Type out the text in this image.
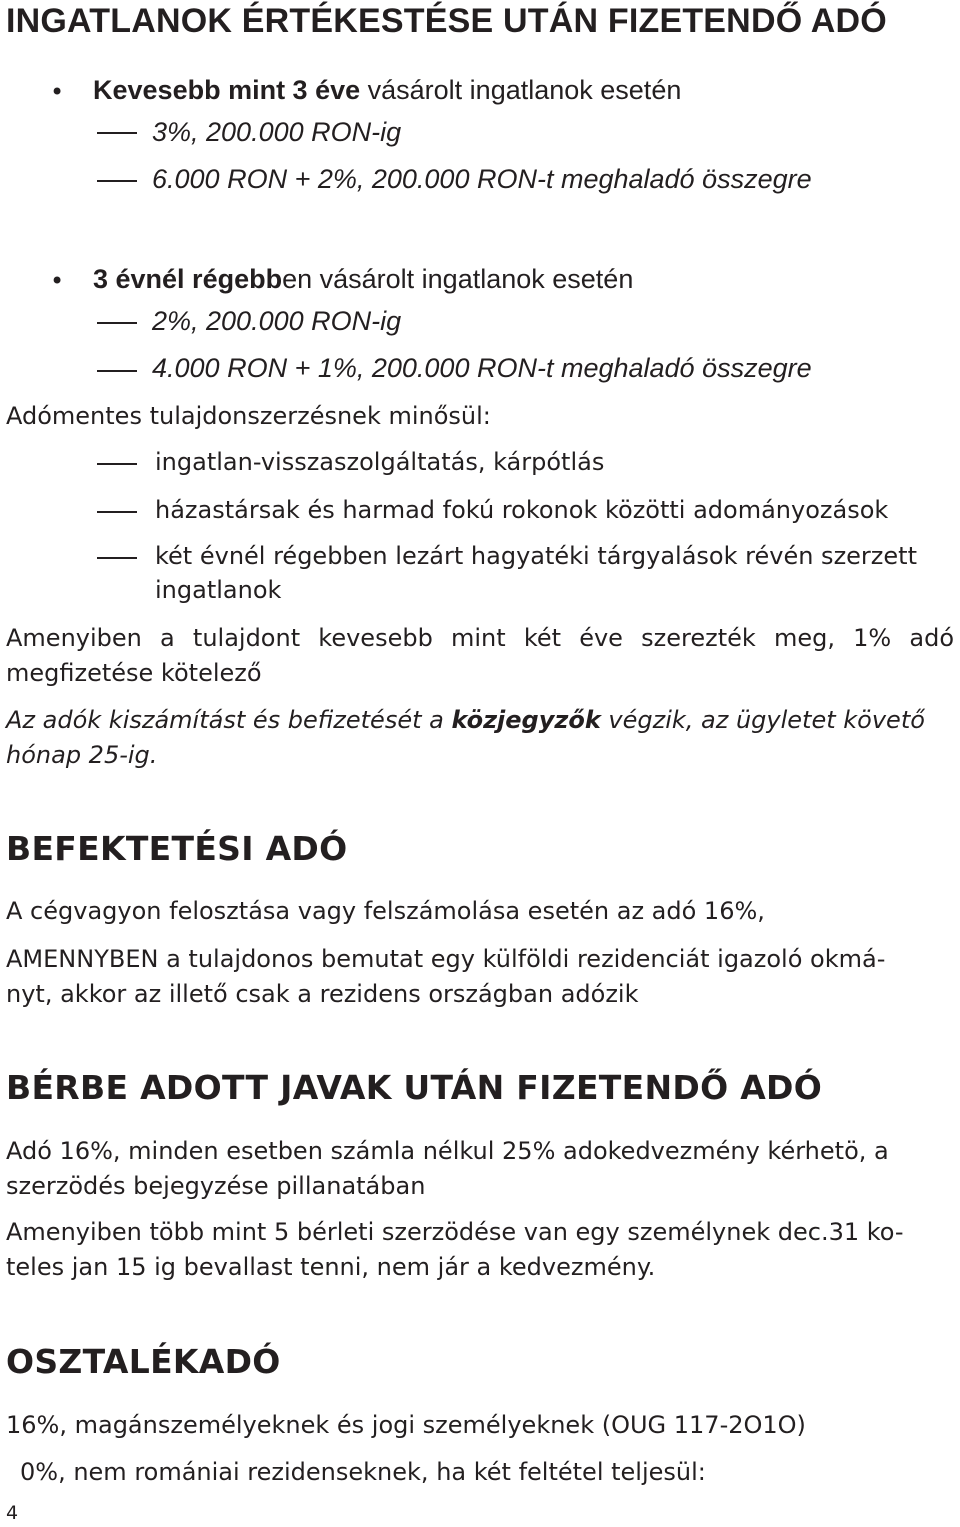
INGATLANOK ÉRTÉKESTÉSE UTÁN FIZETENDŐ ADÓ
• Kevesebb mint 3 éve vásárolt ingatlanok esetén
3%, 200.000 RON-ig
6.000 RON + 2%, 200.000 RON-t meghaladó összegre
• 3 évnél régebben vásárolt ingatlanok esetén
2%, 200.000 RON-ig
4.000 RON + 1%, 200.000 RON-t meghaladó összegre
Adómentes tulajdonszerzésnek minősül:
ingatlan-visszaszolgáltatás, kárpótlás
házastársak és harmad fokú rokonok közötti adományozások
két évnél régebben lezárt hagyatéki tárgyalások révén szerzett
ingatlanok
Amenyiben a tulajdont kevesebb mint két éve szerezték meg, 1% adó
megfizetése kötelező
Az adók kiszámítást és befizetését a közjegyzők végzik, az ügyletet követő
hónap 25-ig.
BEFEKTETÉSI ADÓ
A cégvagyon felosztása vagy felszámolása esetén az adó 16%,
AMENNYBEN a tulajdonos bemutat egy külföldi rezidenciát igazoló okmá-
nyt, akkor az illető csak a rezidens országban adózik
BÉRBE ADOTT JAVAK UTÁN FIZETENDŐ ADÓ
Adó 16%, minden esetben számla nélkul 25% adokedvezmény kérhetö, a
szerzödés bejegyzése pillanatában
Amenyiben több mint 5 bérleti szerzödése van egy személynek dec.31 ko-
teles jan 15 ig bevallast tenni, nem jár a kedvezmény.
OSZTALÉKADÓ
16%, magánszemélyeknek és jogi személyeknek (OUG 117-2O1O)
0%, nem romániai rezidenseknek, ha két feltétel teljesül:
4
